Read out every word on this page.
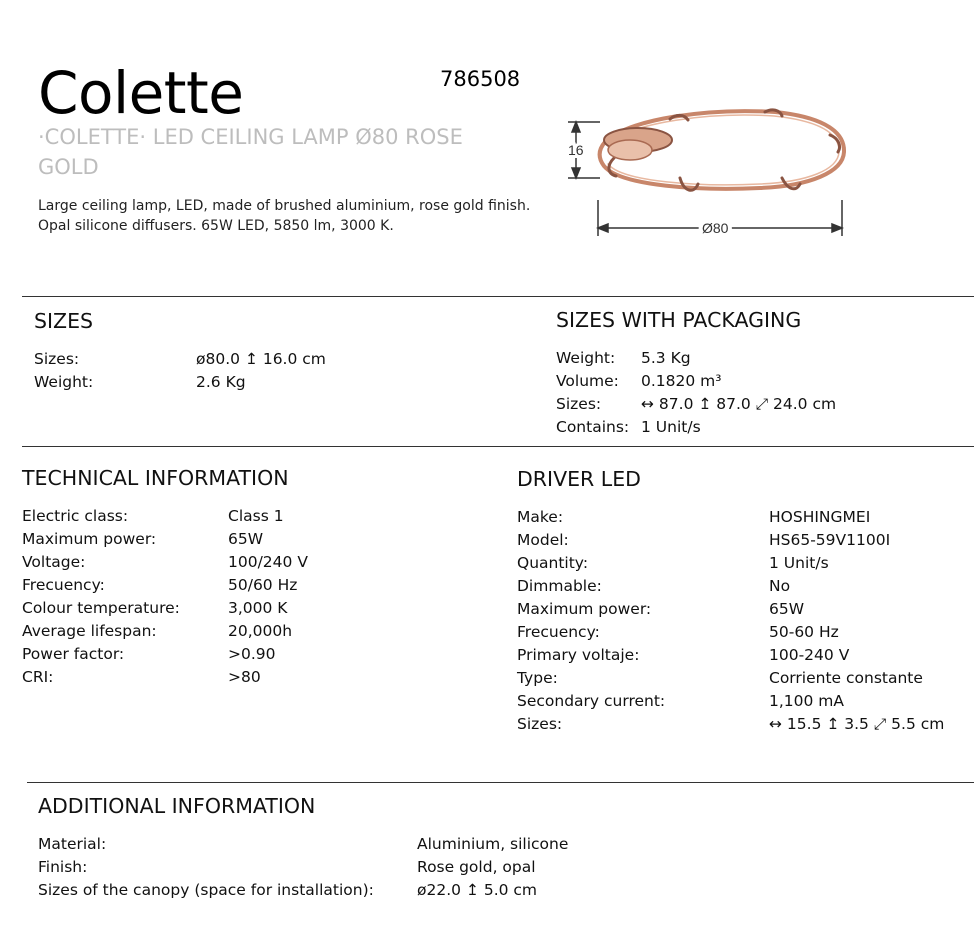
Colette	786508
·COLETTE· LED CEILING LAMP Ø80 ROSE GOLD
Large ceiling lamp, LED, made of brushed aluminium, rose gold finish. Opal silicone diffusers. 65W LED, 5850 lm, 3000 K.
16
Ø80
SIZES
Sizes:	ø80.0 ↥ 16.0 cm
Weight:	2.6 Kg
SIZES WITH PACKAGING
Weight: 5.3 Kg
Volume: 0.1820 m³
Sizes:	↔ 87.0 ↥ 87.0 ⤢ 24.0 cm
Contains: 1 Unit/s
TECHNICAL INFORMATION
Electric class:	Class 1
Maximum power:	65W
Voltage:	100/240 V
Frecuency:	50/60 Hz
Colour temperature:	3,000 K
Average lifespan:	20,000h
Power factor:	>0.90
CRI:	>80
DRIVER LED
Make:	HOSHINGMEI
Model:	HS65-59V1100I
Quantity:	1 Unit/s
Dimmable:	No
Maximum power:	65W
Frecuency:	50-60 Hz
Primary voltaje:	100-240 V
Type:	Corriente constante
Secondary current:	1,100 mA
Sizes:	↔ 15.5 ↥ 3.5 ⤢ 5.5 cm
ADDITIONAL INFORMATION
Material:	Aluminium, silicone
Finish:	Rose gold, opal
Sizes of the canopy (space for installation):	ø22.0 ↥ 5.0 cm
